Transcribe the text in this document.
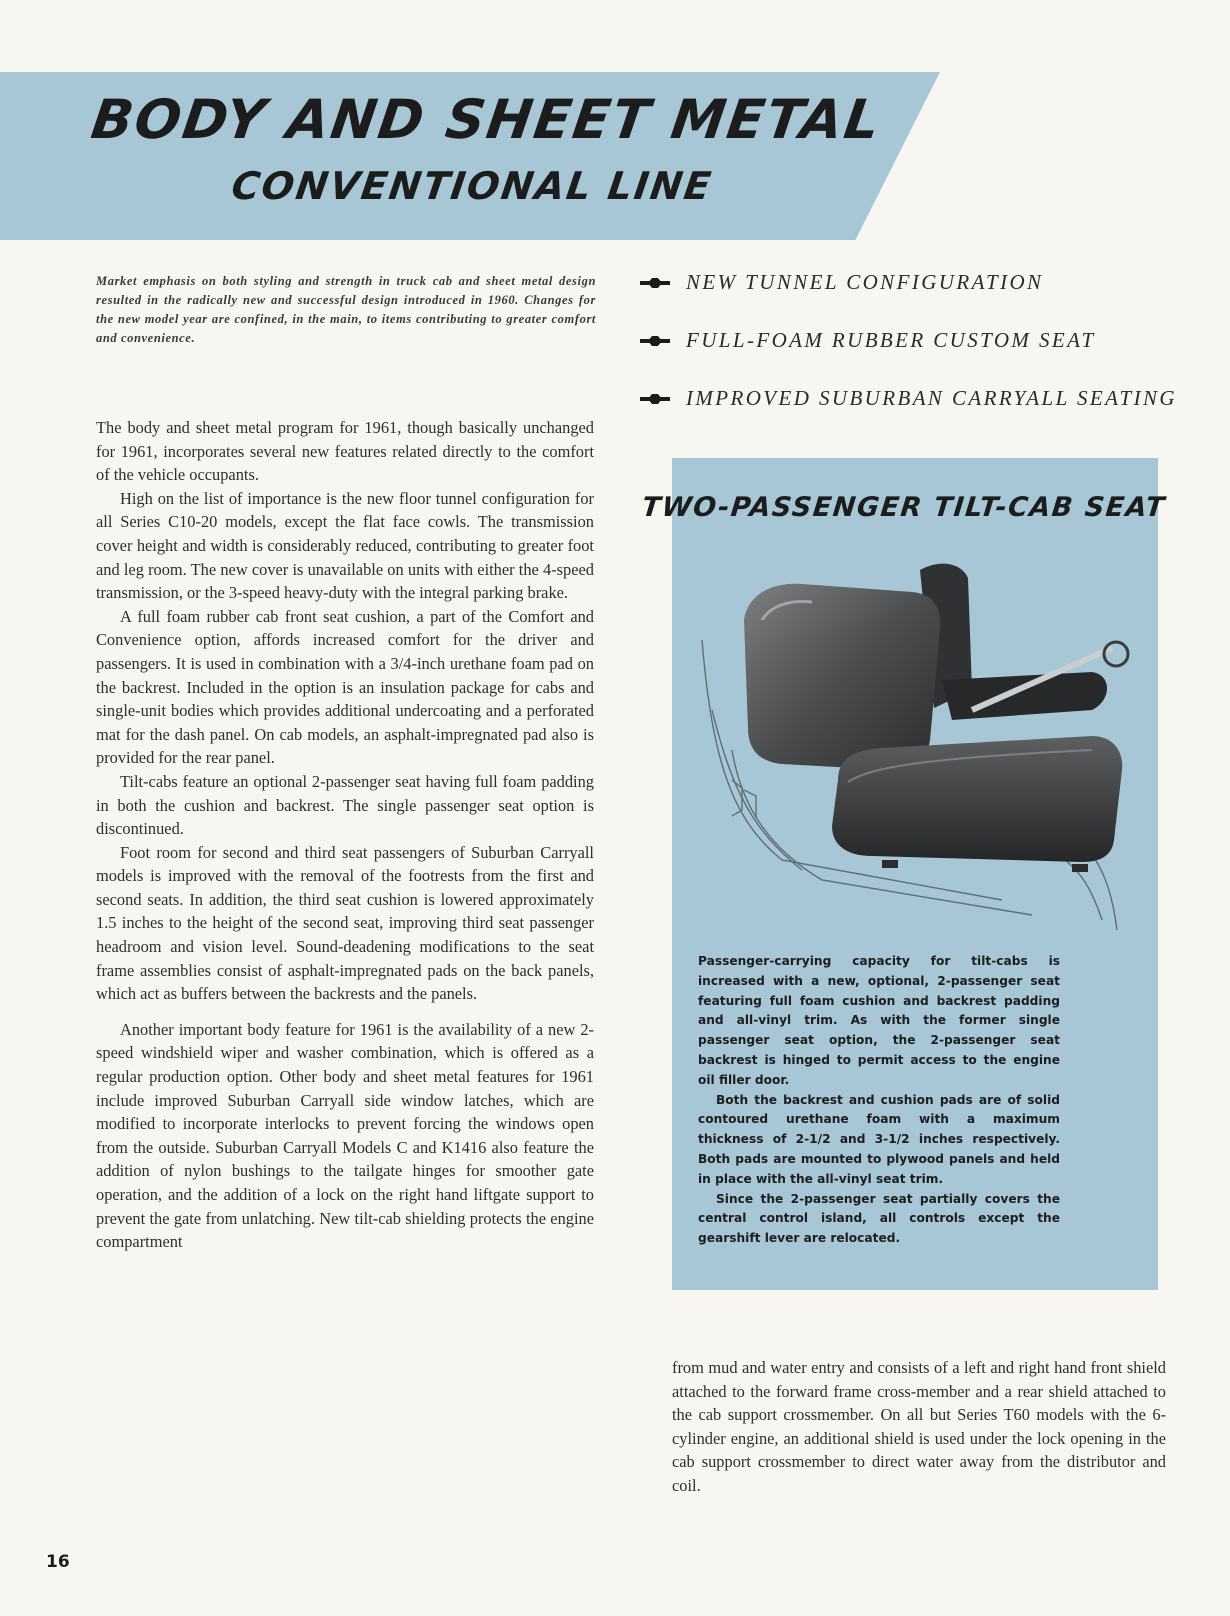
BODY AND SHEET METAL
CONVENTIONAL LINE

Market emphasis on both styling and strength in truck cab and sheet metal design resulted in the radically new and successful design introduced in 1960. Changes for the new model year are confined, in the main, to items contributing to greater comfort and convenience.

NEW TUNNEL CONFIGURATION
FULL-FOAM RUBBER CUSTOM SEAT
IMPROVED SUBURBAN CARRYALL SEATING

The body and sheet metal program for 1961, though basically unchanged for 1961, incorporates several new features related directly to the comfort of the vehicle occupants.

High on the list of importance is the new floor tunnel configuration for all Series C10-20 models, except the flat face cowls. The transmission cover height and width is considerably reduced, contributing to greater foot and leg room. The new cover is unavailable on units with either the 4-speed transmission, or the 3-speed heavy-duty with the integral parking brake.

A full foam rubber cab front seat cushion, a part of the Comfort and Convenience option, affords increased comfort for the driver and passengers. It is used in combination with a 3/4-inch urethane foam pad on the backrest. Included in the option is an insulation package for cabs and single-unit bodies which provides additional undercoating and a perforated mat for the dash panel. On cab models, an asphalt-impregnated pad also is provided for the rear panel.

Tilt-cabs feature an optional 2-passenger seat having full foam padding in both the cushion and backrest. The single passenger seat option is discontinued.

Foot room for second and third seat passengers of Suburban Carryall models is improved with the removal of the footrests from the first and second seats. In addition, the third seat cushion is lowered approximately 1.5 inches to the height of the second seat, improving third seat passenger headroom and vision level. Sound-deadening modifications to the seat frame assemblies consist of asphalt-impregnated pads on the back panels, which act as buffers between the backrests and the panels.

Another important body feature for 1961 is the availability of a new 2-speed windshield wiper and washer combination, which is offered as a regular production option. Other body and sheet metal features for 1961 include improved Suburban Carryall side window latches, which are modified to incorporate interlocks to prevent forcing the windows open from the outside. Suburban Carryall Models C and K1416 also feature the addition of nylon bushings to the tailgate hinges for smoother gate operation, and the addition of a lock on the right hand liftgate support to prevent the gate from unlatching. New tilt-cab shielding protects the engine compartment

TWO-PASSENGER TILT-CAB SEAT

Passenger-carrying capacity for tilt-cabs is increased with a new, optional, 2-passenger seat featuring full foam cushion and backrest padding and all-vinyl trim. As with the former single passenger seat option, the 2-passenger seat backrest is hinged to permit access to the engine oil filler door.

Both the backrest and cushion pads are of solid contoured urethane foam with a maximum thickness of 2-1/2 and 3-1/2 inches respectively. Both pads are mounted to plywood panels and held in place with the all-vinyl seat trim.

Since the 2-passenger seat partially covers the central control island, all controls except the gearshift lever are relocated.

from mud and water entry and consists of a left and right hand front shield attached to the forward frame cross-member and a rear shield attached to the cab support crossmember. On all but Series T60 models with the 6-cylinder engine, an additional shield is used under the lock opening in the cab support crossmember to direct water away from the distributor and coil.

16
